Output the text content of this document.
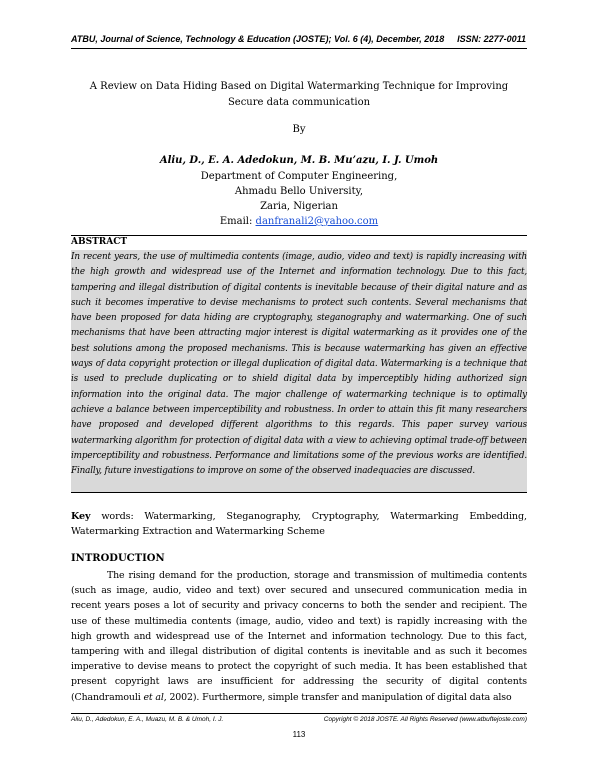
ATBU, Journal of Science, Technology & Education (JOSTE); Vol. 6 (4), December, 2018 ISSN: 2277-0011
A Review on Data Hiding Based on Digital Watermarking Technique for Improving Secure data communication
By
Aliu, D., E. A. Adedokun, M. B. Mu’azu, I. J. Umoh
Department of Computer Engineering,
Ahmadu Bello University,
Zaria, Nigerian
Email: danfranali2@yahoo.com
ABSTRACT
In recent years, the use of multimedia contents (image, audio, video and text) is rapidly increasing with the high growth and widespread use of the Internet and information technology. Due to this fact, tampering and illegal distribution of digital contents is inevitable because of their digital nature and as such it becomes imperative to devise mechanisms to protect such contents. Several mechanisms that have been proposed for data hiding are cryptography, steganography and watermarking. One of such mechanisms that have been attracting major interest is digital watermarking as it provides one of the best solutions among the proposed mechanisms. This is because watermarking has given an effective ways of data copyright protection or illegal duplication of digital data. Watermarking is a technique that is used to preclude duplicating or to shield digital data by imperceptibly hiding authorized sign information into the original data. The major challenge of watermarking technique is to optimally achieve a balance between imperceptibility and robustness. In order to attain this fit many researchers have proposed and developed different algorithms to this regards. This paper survey various watermarking algorithm for protection of digital data with a view to achieving optimal trade-off between imperceptibility and robustness. Performance and limitations some of the previous works are identified. Finally, future investigations to improve on some of the observed inadequacies are discussed.
Key words: Watermarking, Steganography, Cryptography, Watermarking Embedding, Watermarking Extraction and Watermarking Scheme
INTRODUCTION
The rising demand for the production, storage and transmission of multimedia contents (such as image, audio, video and text) over secured and unsecured communication media in recent years poses a lot of security and privacy concerns to both the sender and recipient. The use of these multimedia contents (image, audio, video and text) is rapidly increasing with the high growth and widespread use of the Internet and information technology. Due to this fact, tampering with and illegal distribution of digital contents is inevitable and as such it becomes imperative to devise means to protect the copyright of such media. It has been established that present copyright laws are insufficient for addressing the security of digital contents (Chandramouli et al, 2002). Furthermore, simple transfer and manipulation of digital data also
Aliu, D., Adedokun, E. A., Muazu, M. B. & Umoh, I. J.	Copyright © 2018 JOSTE. All Rights Reserved (www.atbuftejoste.com)
113
